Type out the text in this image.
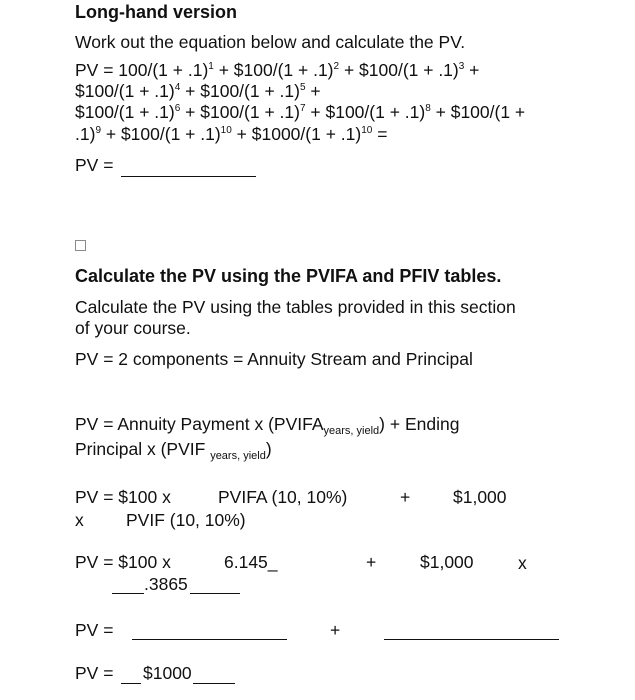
Long-hand version
Work out the equation below and calculate the PV.
PV = $100/(1 + .1)^1$ + $100/(1 + .1)$^2$ + $100/(1 + .1)$^3$ +
$100/(1 + .1)$^4$ + $100/(1 + .1)$^5$ +
$100/(1 + .1)$^6$ + $100/(1 + .1)$^7$ + $100/(1 + .1)$^8$ + $100/(1 +
.1)$^9$ + $100/(1 + .1)$^{10}$ + $1000/(1 + .1)$^{10}$ =
PV =
Calculate the PV using the PVIFA and PFIV tables.
Calculate the PV using the tables provided in this section
of your course.
PV = 2 components = Annuity Stream and Principal
PV = Annuity Payment x $(PVIFA_{years, yield})$ + Ending
Principal x (PVIF $_{years, yield}$)
PV = $100 x	PVIFA (10, 10%)	+ $1,000
x PVIF (10, 10%)
PV = $100 x	6.145_	+	$1,000	x
.3865
PV =	+
PV = $1000
